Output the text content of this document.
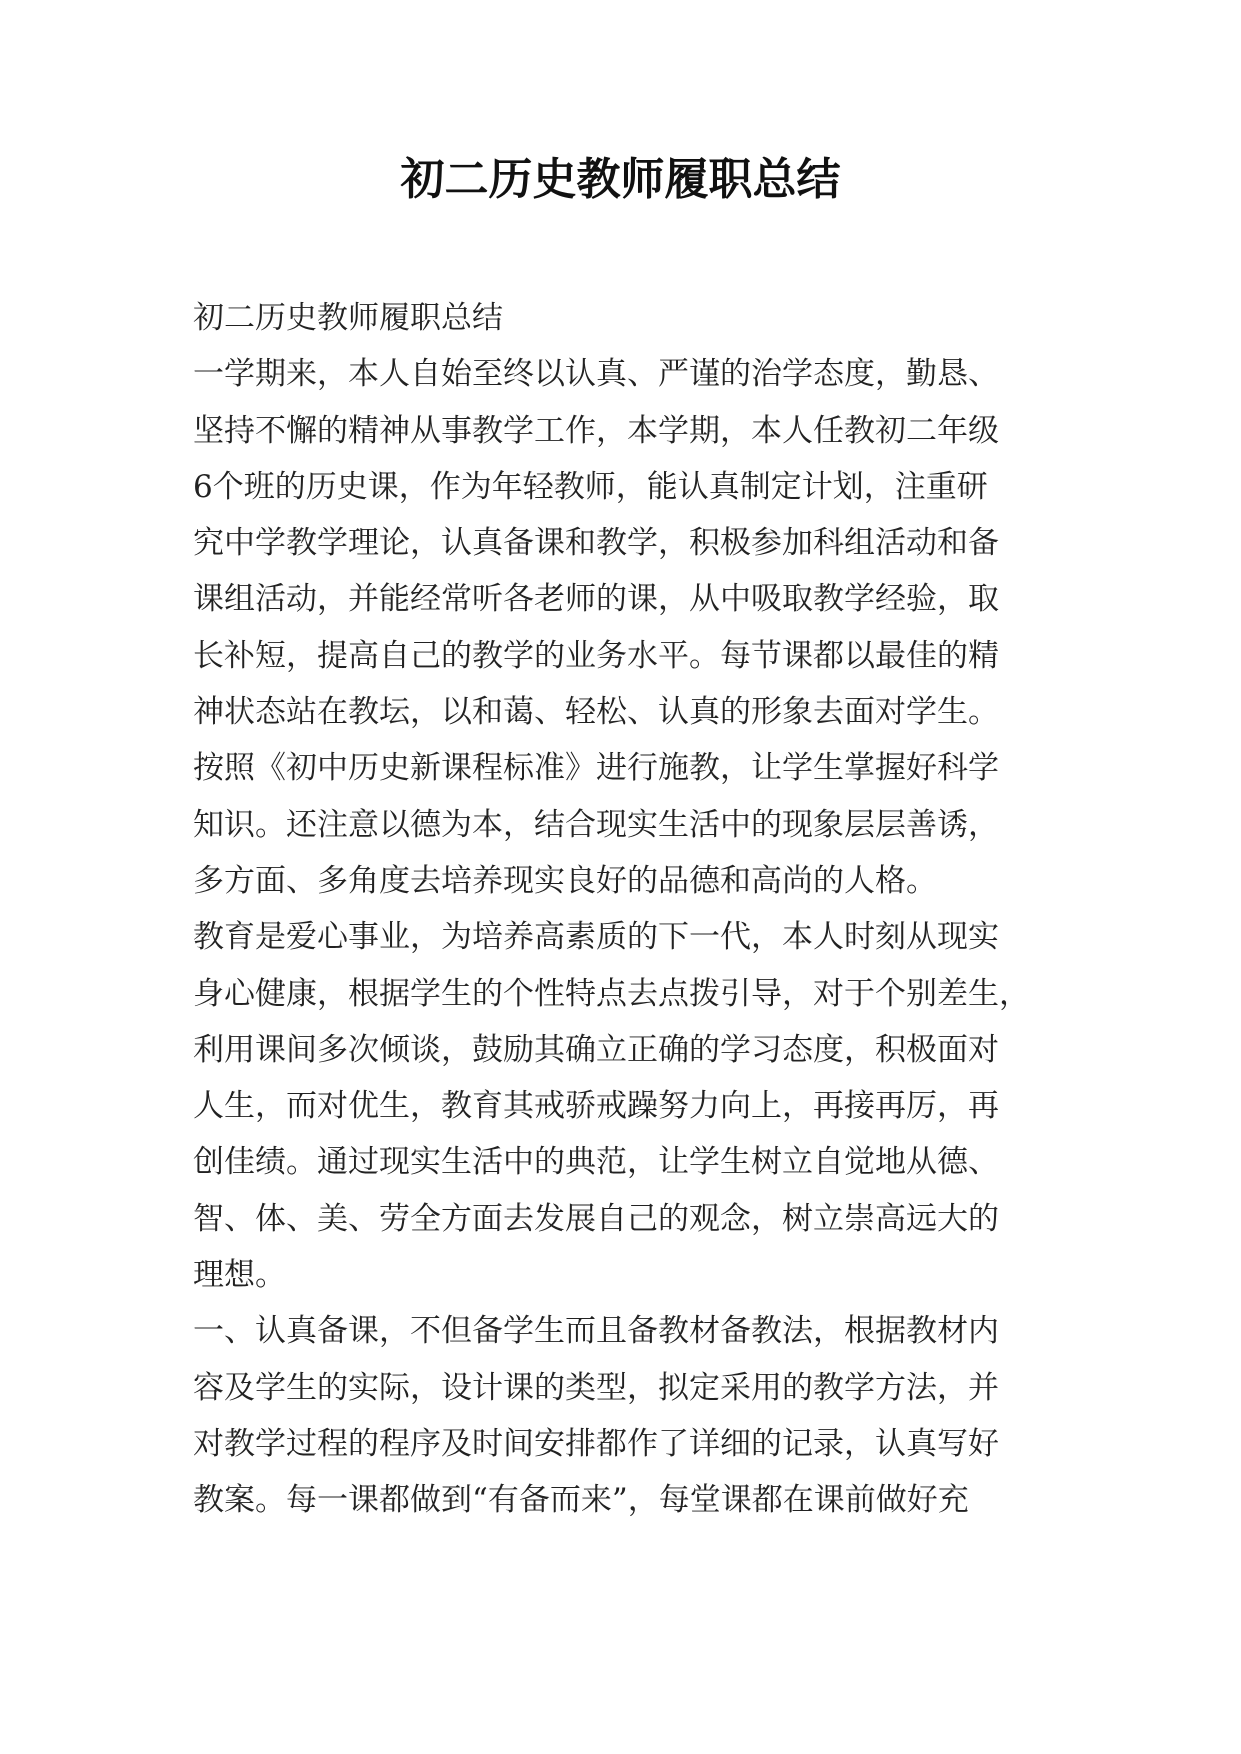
初二历史教师履职总结
初二历史教师履职总结
一学期来，本人自始至终以认真、严谨的治学态度，勤恳、
坚持不懈的精神从事教学工作，本学期，本人任教初二年级
6个班的历史课，作为年轻教师，能认真制定计划，注重研
究中学教学理论，认真备课和教学，积极参加科组活动和备
课组活动，并能经常听各老师的课，从中吸取教学经验，取
长补短，提高自己的教学的业务水平。每节课都以最佳的精
神状态站在教坛，以和蔼、轻松、认真的形象去面对学生。
按照《初中历史新课程标准》进行施教，让学生掌握好科学
知识。还注意以德为本，结合现实生活中的现象层层善诱，
多方面、多角度去培养现实良好的品德和高尚的人格。
教育是爱心事业，为培养高素质的下一代，本人时刻从现实
身心健康，根据学生的个性特点去点拨引导，对于个别差生，
利用课间多次倾谈，鼓励其确立正确的学习态度，积极面对
人生，而对优生，教育其戒骄戒躁努力向上，再接再厉，再
创佳绩。通过现实生活中的典范，让学生树立自觉地从德、
智、体、美、劳全方面去发展自己的观念，树立崇高远大的
理想。
一、认真备课，不但备学生而且备教材备教法，根据教材内
容及学生的实际，设计课的类型，拟定采用的教学方法，并
对教学过程的程序及时间安排都作了详细的记录，认真写好
教案。每一课都做到“有备而来”，每堂课都在课前做好充
